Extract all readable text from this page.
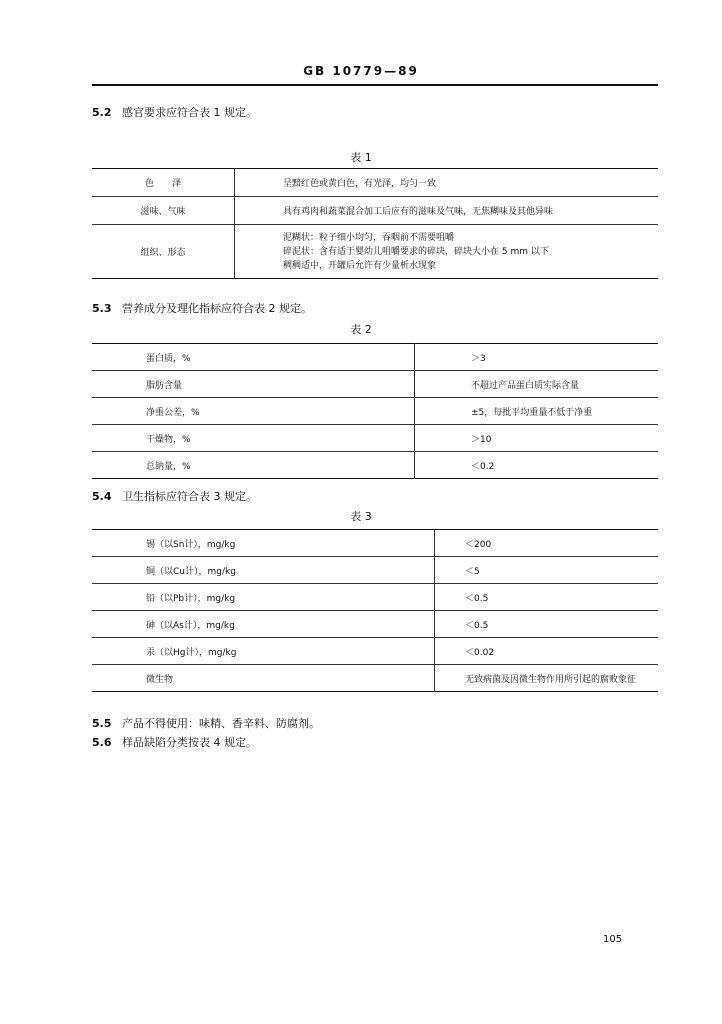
GB 10779—89
5.2 感官要求应符合表 1 规定。
表 1
色　　泽	呈黯红色或黄白色，有光泽，均匀一致
滋味、气味	具有鸡肉和蔬菜混合加工后应有的滋味及气味，无焦糊味及其他异味
组织、形态	泥糊状：粒子细小均匀，吞咽前不需要咀嚼
碎泥状：含有适于婴幼儿咀嚼要求的碎块，碎块大小在 5 mm 以下
稠稠适中，开罐后允许有少量析水现象
5.3 营养成分及理化指标应符合表 2 规定。
表 2
蛋白质，%	＞3
脂肪含量	不超过产品蛋白质实际含量
净重公差，%	±5，每批平均重量不低于净重
干燥物，%	＞10
总钠量，%	＜0.2
5.4 卫生指标应符合表 3 规定。
表 3
锡（以Sn计），mg/kg	＜200
铜（以Cu计），mg/kg	＜5
铅（以Pb计），mg/kg	＜0.5
砷（以As计），mg/kg	＜0.5
汞（以Hg计），mg/kg	＜0.02
微生物	无致病菌及因微生物作用所引起的腐败象征
5.5 产品不得使用：味精、香辛料、防腐剂。
5.6 样品缺陷分类按表 4 规定。
105
